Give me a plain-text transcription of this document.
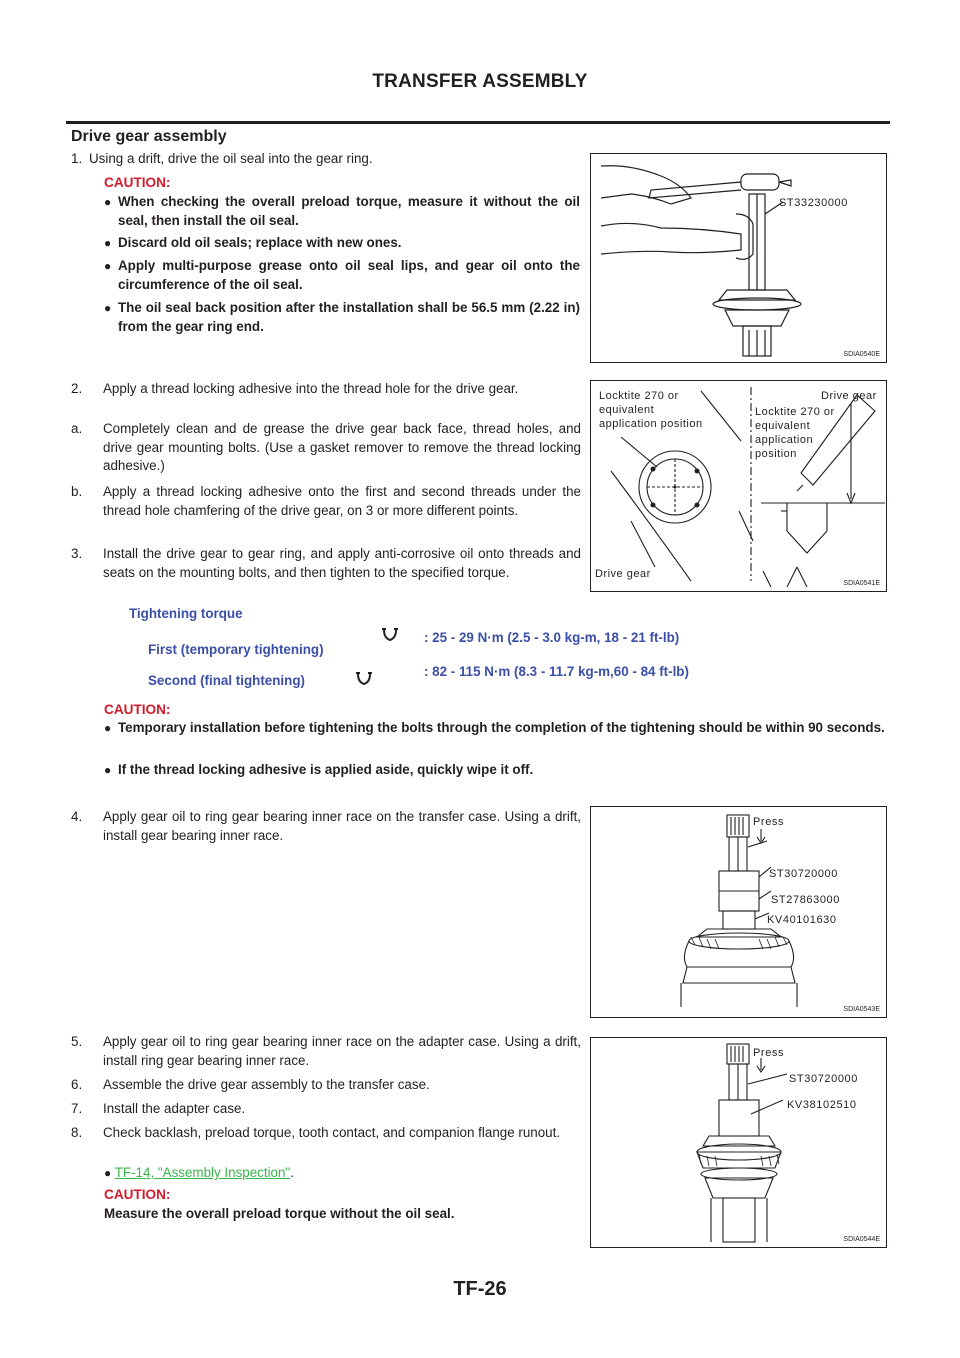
TRANSFER ASSEMBLY
Drive gear assembly
1. Using a drift, drive the oil seal into the gear ring.
CAUTION:
● When checking the overall preload torque, measure it without the oil seal, then install the oil seal.
● Discard old oil seals; replace with new ones.
● Apply multi-purpose grease onto oil seal lips, and gear oil onto the circumference of the oil seal.
● The oil seal back position after the installation shall be 56.5 mm (2.22 in) from the gear ring end.
ST33230000
SDIA0540E
2. Apply a thread locking adhesive into the thread hole for the drive gear.
a. Completely clean and de grease the drive gear back face, thread holes, and drive gear mounting bolts. (Use a gasket remover to remove the thread locking adhesive.)
b. Apply a thread locking adhesive onto the first and second threads under the thread hole chamfering of the drive gear, on 3 or more different points.
3. Install the drive gear to gear ring, and apply anti-corrosive oil onto threads and seats on the mounting bolts, and then tighten to the specified torque.
Locktite 270 or
equivalent
application position
Drive gear
Drive gear
Locktite 270 or
equivalent
application
position
SDIA0541E
Tightening torque
First (temporary tightening)
: 25 - 29 N·m (2.5 - 3.0 kg-m, 18 - 21 ft-lb)
Second (final tightening)
: 82 - 115 N·m (8.3 - 11.7 kg-m,60 - 84 ft-lb)
CAUTION:
● Temporary installation before tightening the bolts through the completion of the tightening should be within 90 seconds.
● If the thread locking adhesive is applied aside, quickly wipe it off.
4. Apply gear oil to ring gear bearing inner race on the transfer case. Using a drift, install gear bearing inner race.
Press
ST30720000
ST27863000
KV40101630
SDIA0543E
5. Apply gear oil to ring gear bearing inner race on the adapter case. Using a drift, install ring gear bearing inner race.
6. Assemble the drive gear assembly to the transfer case.
7. Install the adapter case.
8. Check backlash, preload torque, tooth contact, and companion flange runout.
● TF-14, "Assembly Inspection".
CAUTION:
Measure the overall preload torque without the oil seal.
Press
ST30720000
KV38102510
SDIA0544E
TF-26
